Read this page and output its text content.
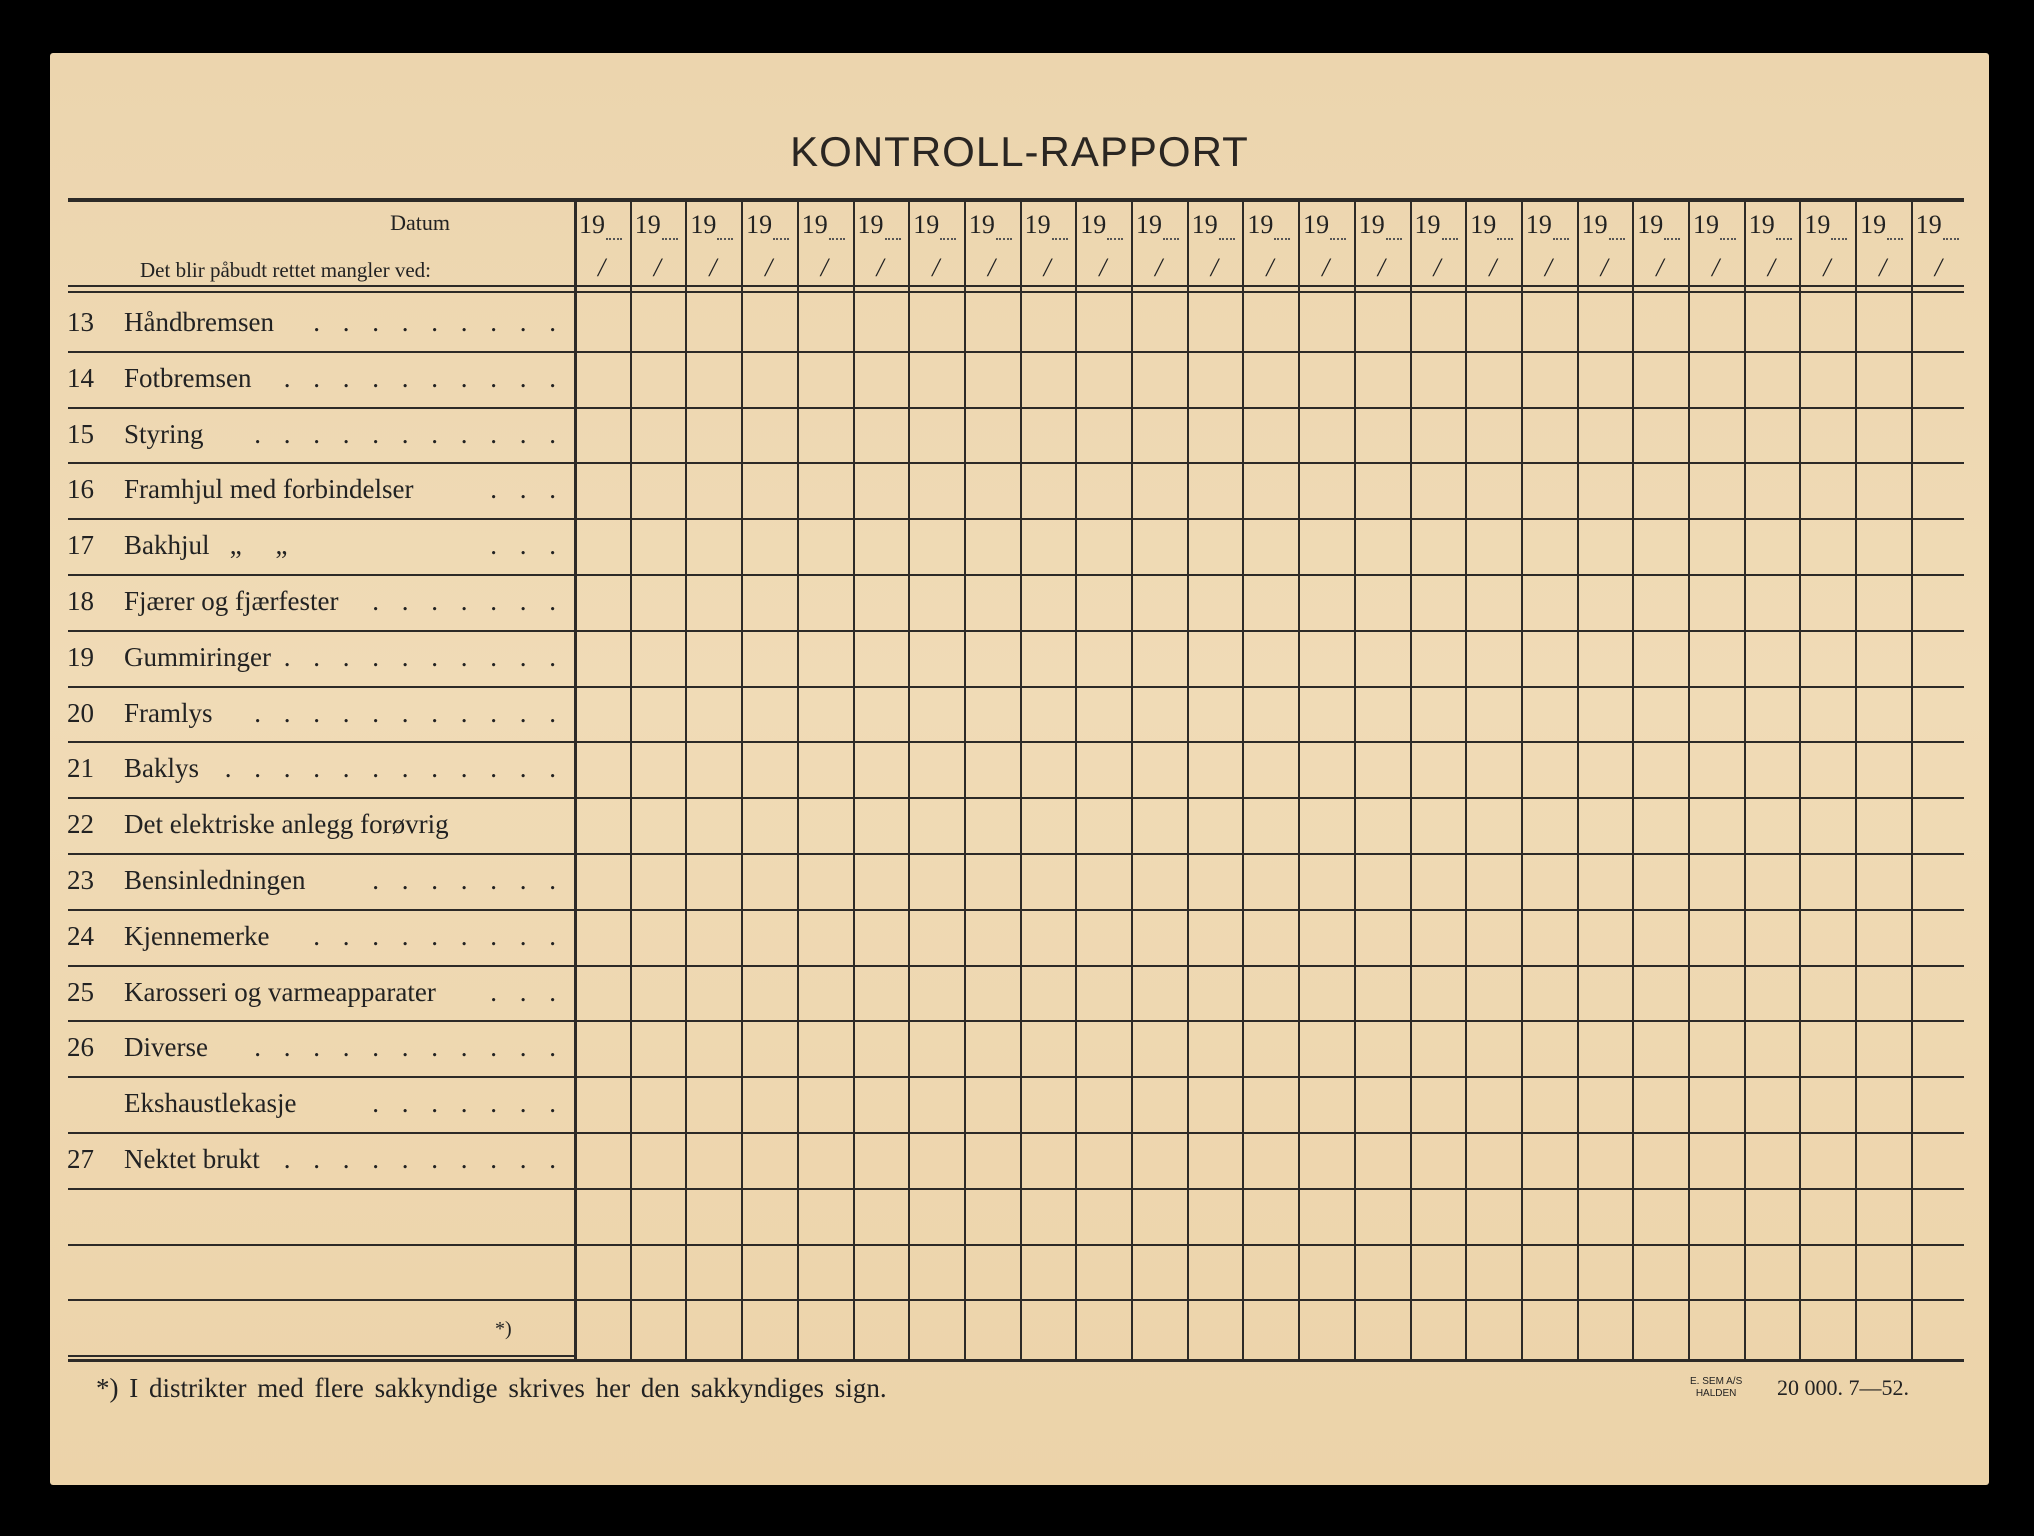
KONTROLL-RAPPORT
Datum
Det blir påbudt rettet mangler ved:
19
/
19
/
19
/
19
/
19
/
19
/
19
/
19
/
19
/
19
/
19
/
19
/
19
/
19
/
19
/
19
/
19
/
19
/
19
/
19
/
19
/
19
/
19
/
19
/
19
/
13 Håndbremsen . . . . . . . . .
14 Fotbremsen . . . . . . . . . .
15 Styring . . . . . . . . . . .
16 Framhjul med forbindelser	. . .
17 Bakhjul   „     „	. . .
18 Fjærer og fjærfester . . . . . . .
19 Gummiringer . . . . . . . . . .
20 Framlys . . . . . . . . . . .
21 Baklys . . . . . . . . . . . .
22 Det elektriske anlegg forøvrig
23 Bensinledningen . . . . . . .
24 Kjennemerke . . . . . . . . .
25 Karosseri og varmeapparater . . .
26 Diverse . . . . . . . . . . .
Ekshaustlekasje	. . . . . . .
27 Nektet brukt . . . . . . . . . .
*)
*) I distrikter med flere sakkyndige skrives her den sakkyndiges sign.	E. SEM A/S
HALDEN 20 000. 7—52.
